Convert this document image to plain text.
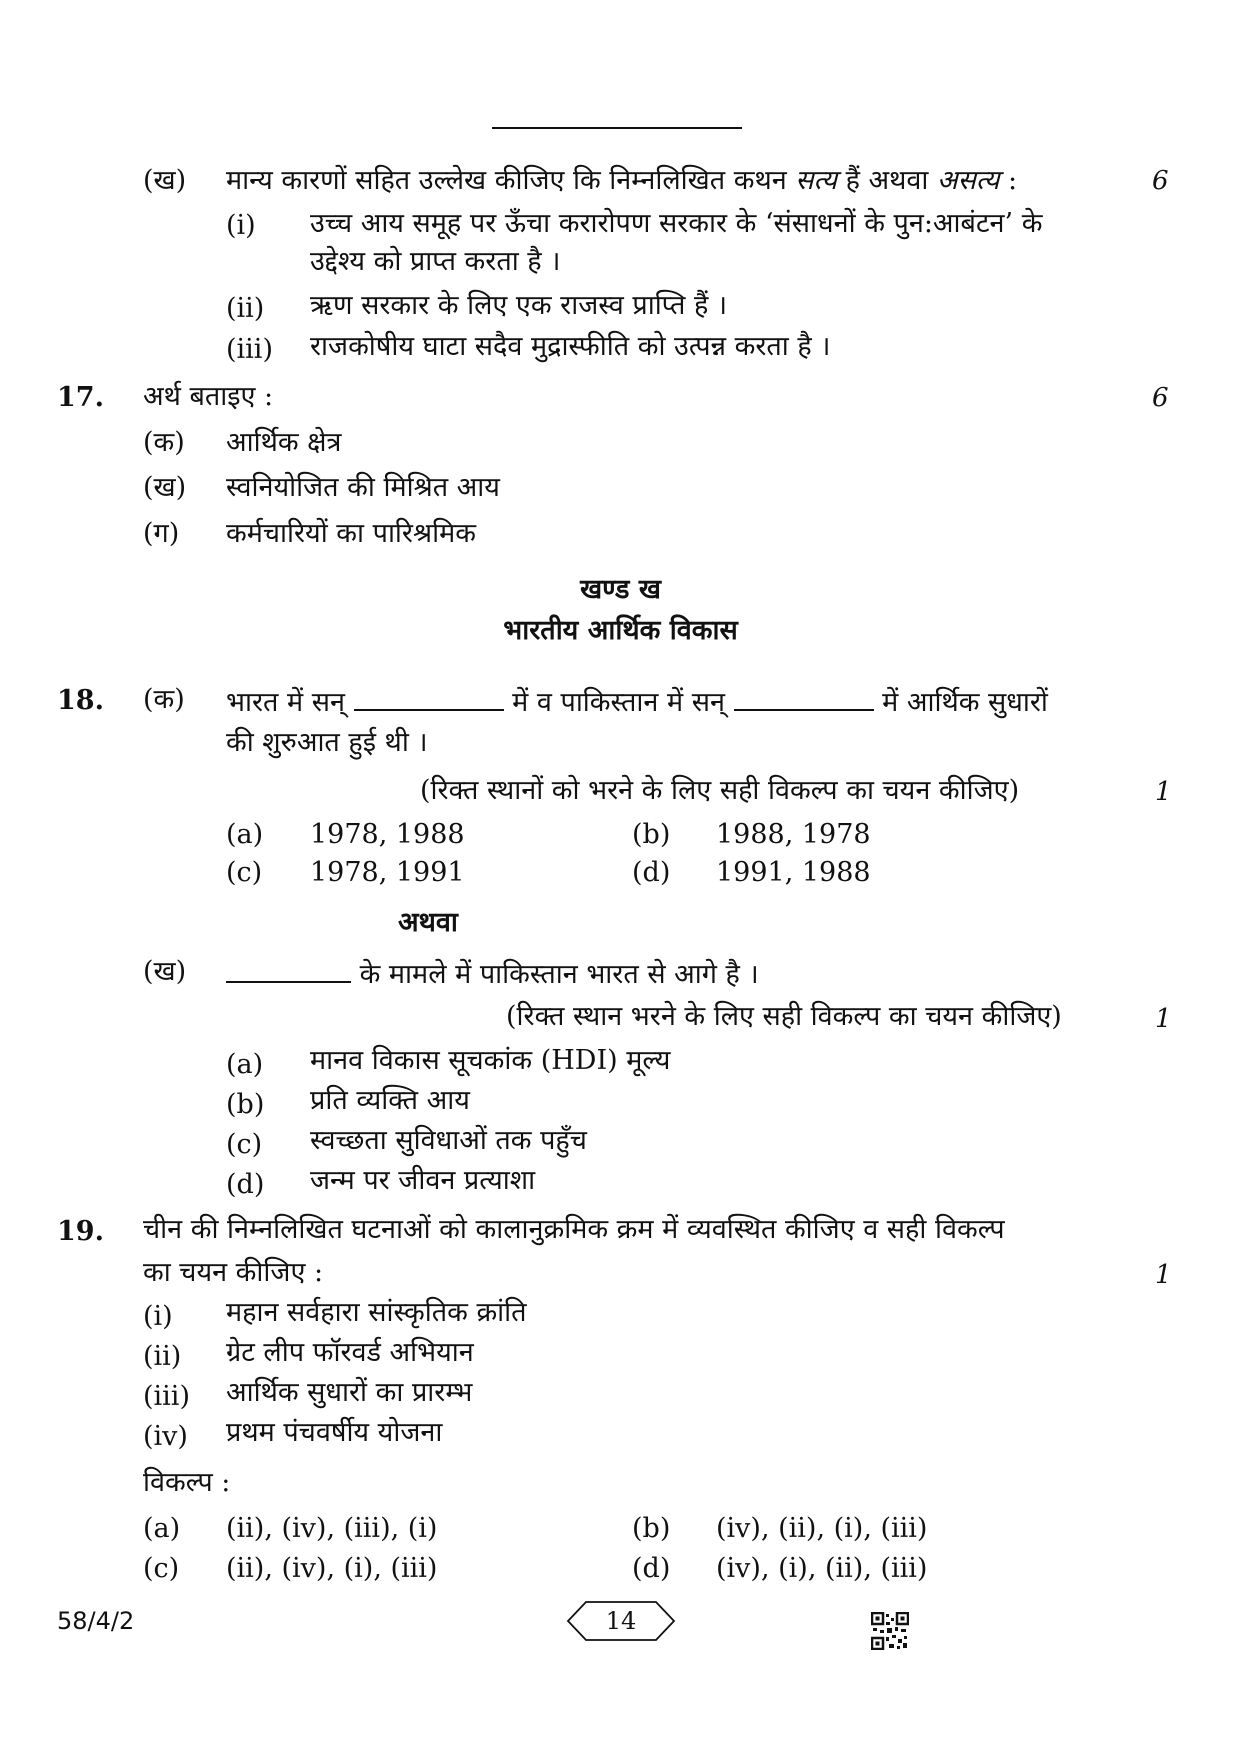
(ख) मान्य कारणों सहित उल्लेख कीजिए कि निम्नलिखित कथन सत्य हैं अथवा असत्य :	6
(i) उच्च आय समूह पर ऊँचा करारोपण सरकार के ‘संसाधनों के पुन:आबंटन’ के
उद्देश्य को प्राप्त करता है ।
(ii) ऋण सरकार के लिए एक राजस्व प्राप्ति हैं ।
(iii) राजकोषीय घाटा सदैव मुद्रास्फीति को उत्पन्न करता है ।
17. अर्थ बताइए :	6
(क) आर्थिक क्षेत्र
(ख) स्वनियोजित की मिश्रित आय
(ग) कर्मचारियों का पारिश्रमिक
खण्ड ख
भारतीय आर्थिक विकास
18. (क) भारत में सन्	में व पाकिस्तान में सन्	में आर्थिक सुधारों
की शुरुआत हुई थी ।
(रिक्त स्थानों को भरने के लिए सही विकल्प का चयन कीजिए)	1
(a) 1978, 1988	(b) 1988, 1978
(c) 1978, 1991	(d) 1991, 1988
अथवा
(ख)	के मामले में पाकिस्तान भारत से आगे है ।
(रिक्त स्थान भरने के लिए सही विकल्प का चयन कीजिए)	1
(a) मानव विकास सूचकांक (HDI) मूल्य
(b) प्रति व्यक्ति आय
(c) स्वच्छता सुविधाओं तक पहुँच
(d) जन्म पर जीवन प्रत्याशा
19. चीन की निम्नलिखित घटनाओं को कालानुक्रमिक क्रम में व्यवस्थित कीजिए व सही विकल्प
का चयन कीजिए :	1
(i) महान सर्वहारा सांस्कृतिक क्रांति
(ii) ग्रेट लीप फॉरवर्ड अभियान
(iii) आर्थिक सुधारों का प्रारम्भ
(iv) प्रथम पंचवर्षीय योजना
विकल्प :
(a) (ii), (iv), (iii), (i)	(b) (iv), (ii), (i), (iii)
(c) (ii), (iv), (i), (iii)	(d) (iv), (i), (ii), (iii)
58/4/2	14
